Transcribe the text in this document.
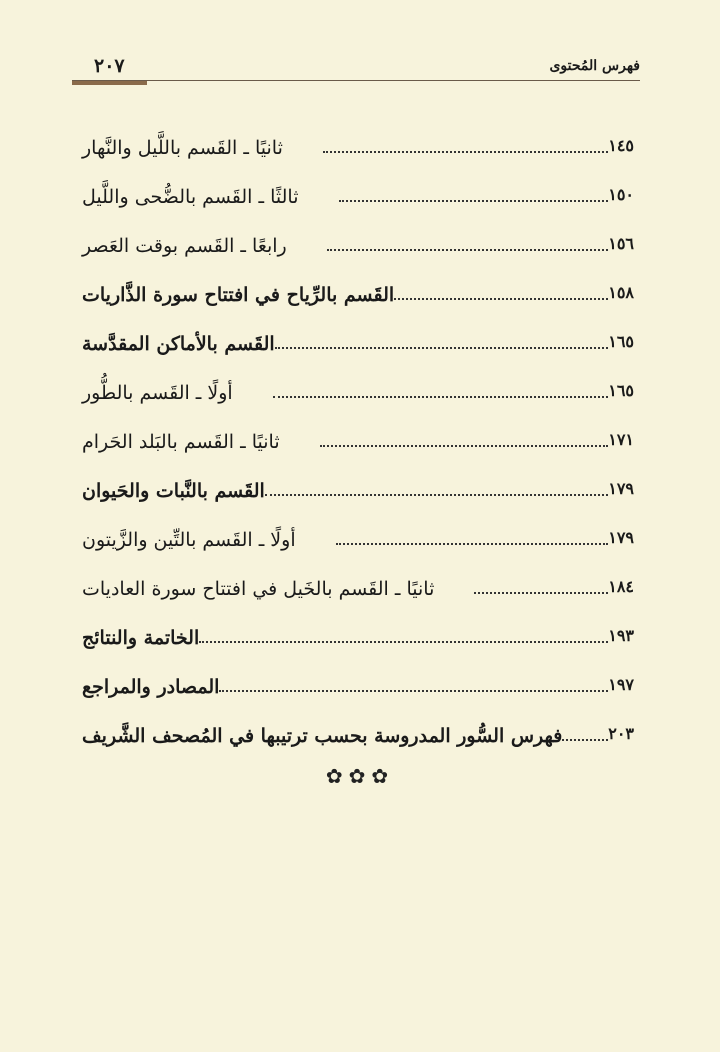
فهرس المُحتوى
٢٠٧
ثانيًا ـ القَسم باللَّيل والنَّهار	١٤٥
ثالثًا ـ القَسم بالضُّحى واللَّيل	١٥٠
رابعًا ـ القَسم بوقت العَصر	١٥٦
القَسم بالرِّياح في افتتاح سورة الذَّاريات	١٥٨
القَسم بالأماكن المقدَّسة	١٦٥
أولًا ـ القَسم بالطُّور	١٦٥
ثانيًا ـ القَسم بالبَلد الحَرام	١٧١
القَسم بالنَّبات والحَيوان	١٧٩
أولًا ـ القَسم بالتِّين والزَّيتون	١٧٩
ثانيًا ـ القَسم بالخَيل في افتتاح سورة العاديات	١٨٤
الخاتمة والنتائج	١٩٣
المصادر والمراجع	١٩٧
فهرس السُّور المدروسة بحسب ترتيبها في المُصحف الشَّريف	٢٠٣
✿✿✿
